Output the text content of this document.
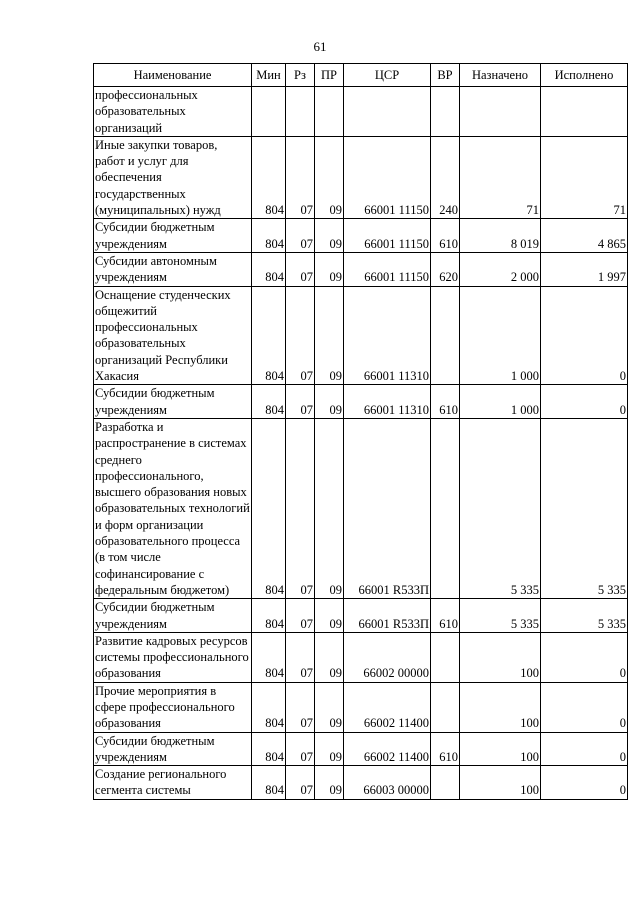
61
Наименование	Мин	Рз	ПР	ЦСР	ВР	Назначено	Исполнено
профессиональных образовательных организаций							
Иные закупки товаров, работ и услуг для обеспечения государственных (муниципальных) нужд	804	07	09	66001 11150	240	71	71
Субсидии бюджетным учреждениям	804	07	09	66001 11150	610	8 019	4 865
Субсидии автономным учреждениям	804	07	09	66001 11150	620	2 000	1 997
Оснащение студенческих общежитий профессиональных образовательных организаций Республики Хакасия	804	07	09	66001 11310		1 000	0
Субсидии бюджетным учреждениям	804	07	09	66001 11310	610	1 000	0
Разработка и распространение в системах среднего профессионального, высшего образования новых образовательных технологий и форм организации образовательного процесса (в том числе софинансирование с федеральным бюджетом)	804	07	09	66001 R533П		5 335	5 335
Субсидии бюджетным учреждениям	804	07	09	66001 R533П	610	5 335	5 335
Развитие кадровых ресурсов системы профессионального образования	804	07	09	66002 00000		100	0
Прочие мероприятия в сфере профессионального образования	804	07	09	66002 11400		100	0
Субсидии бюджетным учреждениям	804	07	09	66002 11400	610	100	0
Создание регионального сегмента системы	804	07	09	66003 00000		100	0
